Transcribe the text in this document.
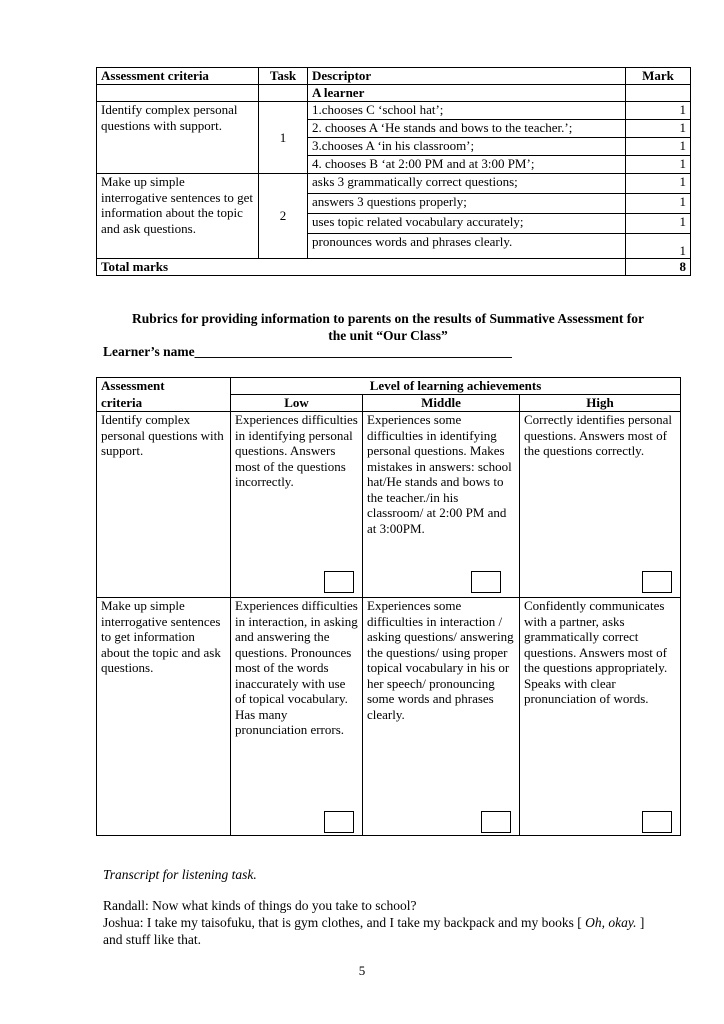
Assessment criteria	Task	Descriptor	Mark
		A learner	
Identify complex personal questions with support.	1	1.chooses C ‘school hat’;	1
		2. chooses A ‘He stands and bows to the teacher.’;	1
		3.chooses A ‘in his classroom’;	1
		4. chooses B ‘at 2:00 PM and at 3:00 PM’;	1
Make up simple interrogative sentences to get information about the topic and ask questions.	2	asks 3 grammatically correct questions;	1
		answers 3 questions properly;	1
		uses topic related vocabulary accurately;	1
		pronounces words and phrases clearly.	1
Total marks			8
Rubrics for providing information to parents on the results of Summative Assessment for
the unit “Our Class”
Learner’s name_______________________________________________
Assessment	Level of learning achievements		
criteria	Low	Middle	High
Identify complex personal questions with support.	Experiences difficulties in identifying personal questions. Answers most of the questions incorrectly.	Experiences some difficulties in identifying personal questions. Makes mistakes in answers: school hat/He stands and bows to the teacher./in his classroom/ at 2:00 PM and at 3:00PM.	Correctly identifies personal questions. Answers most of the questions correctly.

Make up simple interrogative sentences to get information about the topic and ask questions.	Experiences difficulties in interaction, in asking and answering the questions. Pronounces most of the words inaccurately with use of topical vocabulary. Has many pronunciation errors.	Experiences some difficulties in interaction / asking questions/ answering the questions/ using proper topical vocabulary in his or her speech/ pronouncing some words and phrases clearly.	Confidently communicates with a partner, asks grammatically correct questions. Answers most of the questions appropriately. Speaks with clear pronunciation of words.
Transcript for listening task.
Randall: Now what kinds of things do you take to school?
Joshua: I take my taisofuku, that is gym clothes, and I take my backpack and my books [ Oh, okay. ] and stuff like that.
5
